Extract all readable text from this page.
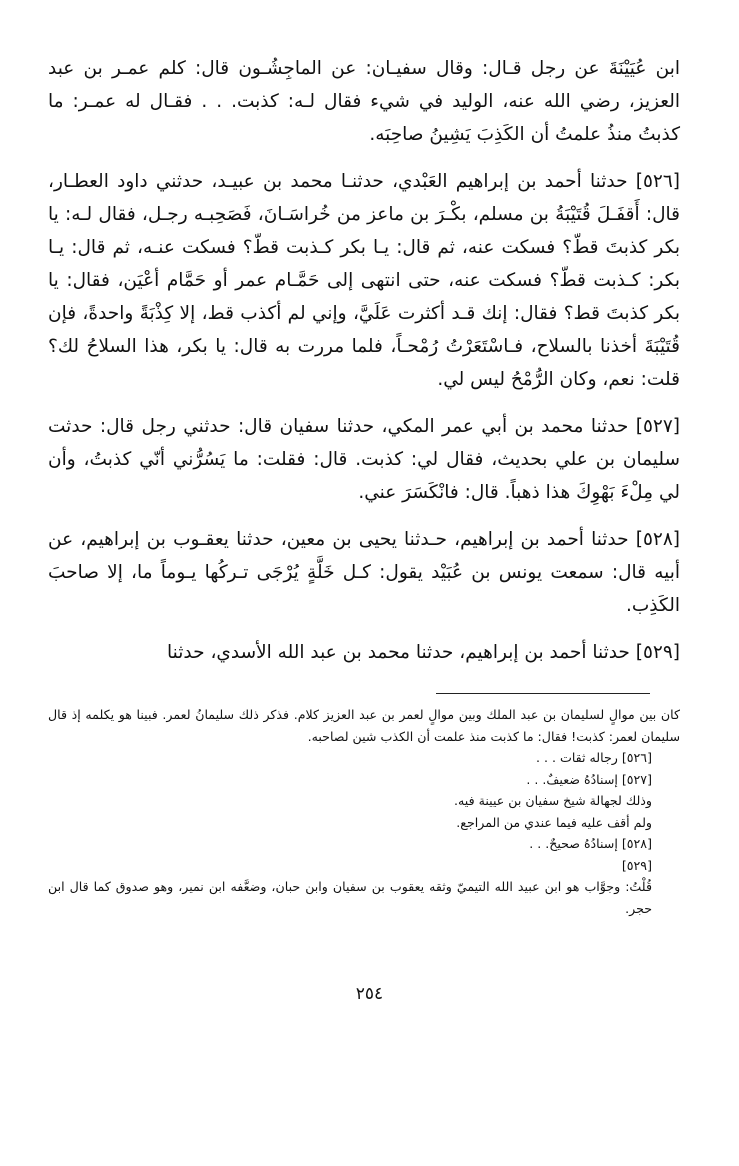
ابن عُيَيْنَةَ عن رجل قـال: وقال سفيـان: عن الماجِشُـون قال: كلم عمـر بن عبد العزيز، رضي الله عنه، الوليد في شيء فقال لـه: كذبت. . . فقـال له عمـر: ما كذبتُ منذُ علمتُ أن الكَذِبَ يَشِينُ صاحِبَه.

[٥٢٦] حدثنا أحمد بن إبراهيم العَبْدي، حدثنـا محمد بن عبيـد، حدثني داود العطـار، قال: أَقفَـلَ قُتَيْبَةُ بن مسلم، بكْـرَ بن ماعز من خُراسَـانَ، فَصَحِبـه رجـل، فقال لـه: يا بكر كذبتَ قطّ؟ فسكت عنه، ثم قال: يـا بكر كـذبت قطّ؟ فسكت عنـه، ثم قال: يـا بكر: كـذبت قطّ؟ فسكت عنه، حتى انتهى إلى حَمَّـام عمر أو حَمَّام أعْيَن، فقال: يا بكر كذبتَ قط؟ فقال: إنك قـد أكثرت عَلَيَّ، وإني لم أكذب قط، إلا كِذْبَةً واحدةً، فإن قُتَيْبَةَ أخذنا بالسلاح، فـاسْتَعَرْتُ رُمْحـاً، فلما مررت به قال: يا بكر، هذا السلاحُ لك؟ قلت: نعم، وكان الرُّمْحُ ليس لي.

[٥٢٧] حدثنا محمد بن أبي عمر المكي، حدثنا سفيان قال: حدثني رجل قال: حدثت سليمان بن علي بحديث، فقال لي: كذبت. قال: فقلت: ما يَسُرُّني أنّي كذبتُ، وأن لي مِلْءَ بَهْوِكَ هذا ذهباً. قال: فانْكَسَرَ عني.

[٥٢٨] حدثنا أحمد بن إبراهيم، حـدثنا يحيى بن معين، حدثنا يعقـوب بن إبراهيم، عن أبيه قال: سمعت يونس بن عُبَيْد يقول: كـل خَلَّةٍ يُرْجَى تـركُها يـوماً ما، إلا صاحبَ الكَذِب.

[٥٢٩] حدثنا أحمد بن إبراهيم، حدثنا محمد بن عبد الله الأسدي، حدثنا

كان بين موالٍ لسليمان بن عبد الملك وبين موالٍ لعمر بن عبد العزيز كلام. فذكر ذلك سليمانُ لعمر. فبينا هو يكلمه إذ قال سليمان لعمر: كذبت! فقال: ما كذبت منذ علمت أن الكذب شين لصاحبه.

[٥٢٦] رجاله ثقات . . .

[٥٢٧] إسنادُهُ ضعيفٌ. . .

وذلك لجهالة شيخ سفيان بن عيينة فيه.

ولم أقف عليه فيما عندي من المراجع.

[٥٢٨] إسنادُهُ صحيحٌ. . .

[٥٢٩]

قُلْتُ: وجوَّاب هو ابن عبيد الله التيميّ وثقه يعقوب بن سفيان وابن حبان، وضعَّفه ابن نمير، وهو صدوق كما قال ابن حجر.

٢٥٤
